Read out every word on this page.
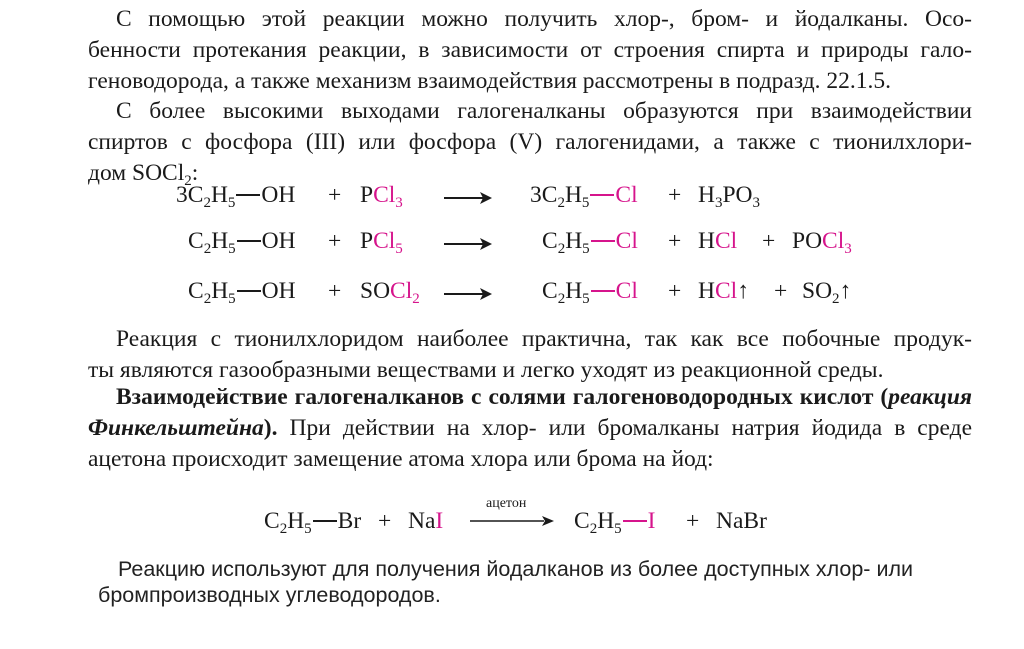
С помощью этой реакции можно получить хлор-, бром- и йодалканы. Осо-
бенности протекания реакции, в зависимости от строения спирта и природы гало-
геноводорода, а также механизм взаимодействия рассмотрены в подразд. 22.1.5.
С более высокими выходами галогеналканы образуются при взаимодействии
спиртов с фосфора (III) или фосфора (V) галогенидами, а также с тионилхлори-
дом SOCl$_2$:
$3C_2H_5$ OH + PCl$_3$	$3C_2H_5$ $Cl + H_3PO_3$
$C_2H_5$ OH + PCl$_5$	$C_2H_5$ Cl + HCl + POCl$_3$
$C_2H_5$ OH + SOCl$_2$	$C_2H_5$ Cl + HCl↑ + $SO_2↑$
Реакция с тионилхлоридом наиболее практична, так как все побочные продук-
ты являются газообразными веществами и легко уходят из реакционной среды.
Взаимодействие галогеналканов с солями галогеноводородных кислот (реакция
Финкельштейна). При действии на хлор- или бромалканы натрия йодида в среде
ацетона происходит замещение атома хлора или брома на йод:
$C_2H_5$ Br + NaI
ацетон
$C_2H_5$ I + NaBr
Реакцию используют для получения йодалканов из более доступных хлор- или
бромпроизводных углеводородов.
